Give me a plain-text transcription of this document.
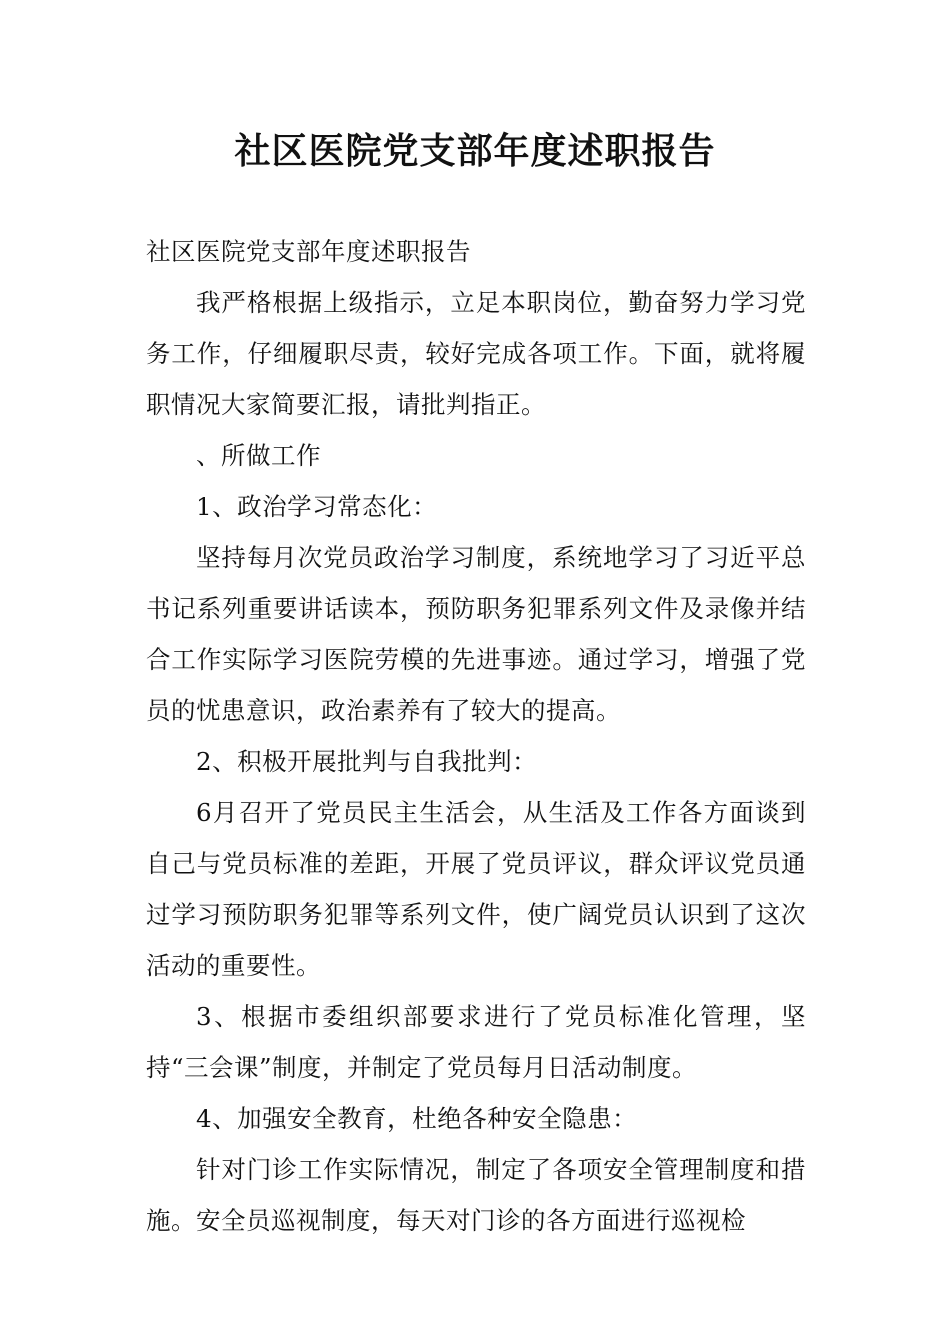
社区医院党支部年度述职报告

社区医院党支部年度述职报告

我严格根据上级指示，立足本职岗位，勤奋努力学习党务工作，仔细履职尽责，较好完成各项工作。下面，就将履职情况大家简要汇报，请批判指正。

、所做工作

1、政治学习常态化：

坚持每月次党员政治学习制度，系统地学习了习近平总书记系列重要讲话读本，预防职务犯罪系列文件及录像并结合工作实际学习医院劳模的先进事迹。通过学习，增强了党员的忧患意识，政治素养有了较大的提高。

2、积极开展批判与自我批判：

6月召开了党员民主生活会，从生活及工作各方面谈到自己与党员标准的差距，开展了党员评议，群众评议党员通过学习预防职务犯罪等系列文件，使广阔党员认识到了这次活动的重要性。

3、根据市委组织部要求进行了党员标准化管理，坚持“三会课”制度，并制定了党员每月日活动制度。

4、加强安全教育，杜绝各种安全隐患：

针对门诊工作实际情况，制定了各项安全管理制度和措施。安全员巡视制度，每天对门诊的各方面进行巡视检
